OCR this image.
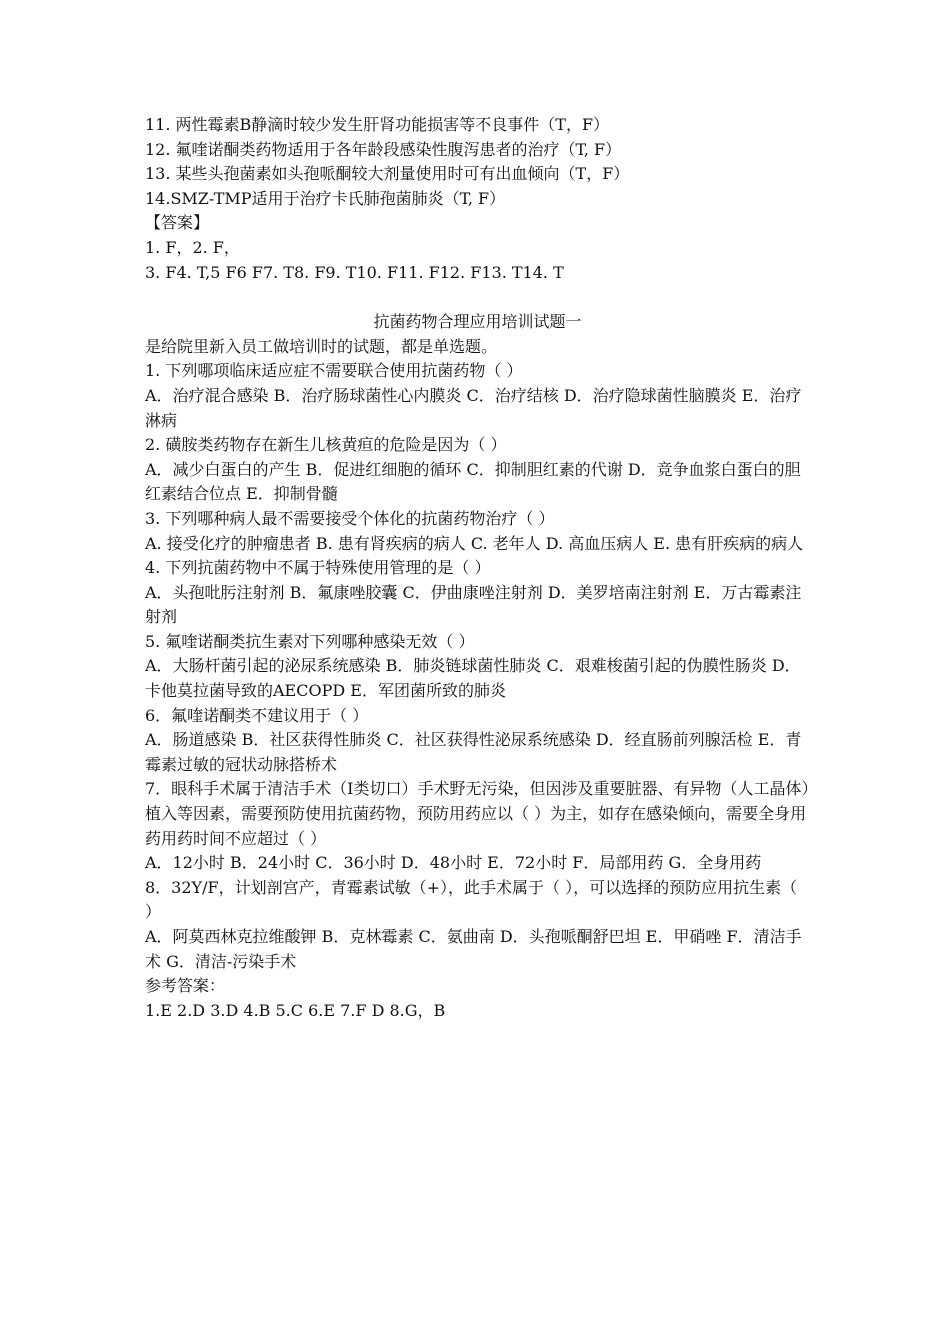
11. 两性霉素B静滴时较少发生肝肾功能损害等不良事件（T，F）

12. 氟喹诺酮类药物适用于各年龄段感染性腹泻患者的治疗（T, F）

13. 某些头孢菌素如头孢哌酮较大剂量使用时可有出血倾向（T，F）

14.SMZ-TMP适用于治疗卡氏肺孢菌肺炎（T, F）

【答案】

1. F，2. F，

3. F4. T,5 F6 F7. T8. F9. T10. F11. F12. F13. T14. T

抗菌药物合理应用培训试题一

是给院里新入员工做培训时的试题，都是单选题。

1. 下列哪项临床适应症不需要联合使用抗菌药物（ ）

A．治疗混合感染 B．治疗肠球菌性心内膜炎 C．治疗结核 D．治疗隐球菌性脑膜炎 E．治疗淋病

2. 磺胺类药物存在新生儿核黄疸的危险是因为（ ）

A．减少白蛋白的产生 B．促进红细胞的循环 C．抑制胆红素的代谢 D．竞争血浆白蛋白的胆红素结合位点 E．抑制骨髓

3. 下列哪种病人最不需要接受个体化的抗菌药物治疗（ ）

A. 接受化疗的肿瘤患者 B. 患有肾疾病的病人 C. 老年人 D. 高血压病人 E. 患有肝疾病的病人

4. 下列抗菌药物中不属于特殊使用管理的是（ ）

A．头孢吡肟注射剂 B．氟康唑胶囊 C．伊曲康唑注射剂 D．美罗培南注射剂 E．万古霉素注射剂

5. 氟喹诺酮类抗生素对下列哪种感染无效（ ）

A．大肠杆菌引起的泌尿系统感染 B．肺炎链球菌性肺炎 C．艰难梭菌引起的伪膜性肠炎 D．卡他莫拉菌导致的AECOPD E．军团菌所致的肺炎

6．氟喹诺酮类不建议用于（ ）

A．肠道感染 B．社区获得性肺炎 C．社区获得性泌尿系统感染 D．经直肠前列腺活检 E．青霉素过敏的冠状动脉搭桥术

7．眼科手术属于清洁手术（I类切口）手术野无污染，但因涉及重要脏器、有异物（人工晶体）植入等因素，需要预防使用抗菌药物，预防用药应以（ ）为主，如存在感染倾向，需要全身用药用药时间不应超过（ ）

A．12小时 B．24小时 C．36小时 D．48小时 E．72小时 F．局部用药 G．全身用药

8．32Y/F，计划剖宫产，青霉素试敏（+），此手术属于（ ），可以选择的预防应用抗生素（ ）

A．阿莫西林克拉维酸钾 B．克林霉素 C．氨曲南 D．头孢哌酮舒巴坦 E．甲硝唑 F．清洁手术 G．清洁-污染手术

参考答案：

1.E 2.D 3.D 4.B 5.C 6.E 7.F D 8.G，B
